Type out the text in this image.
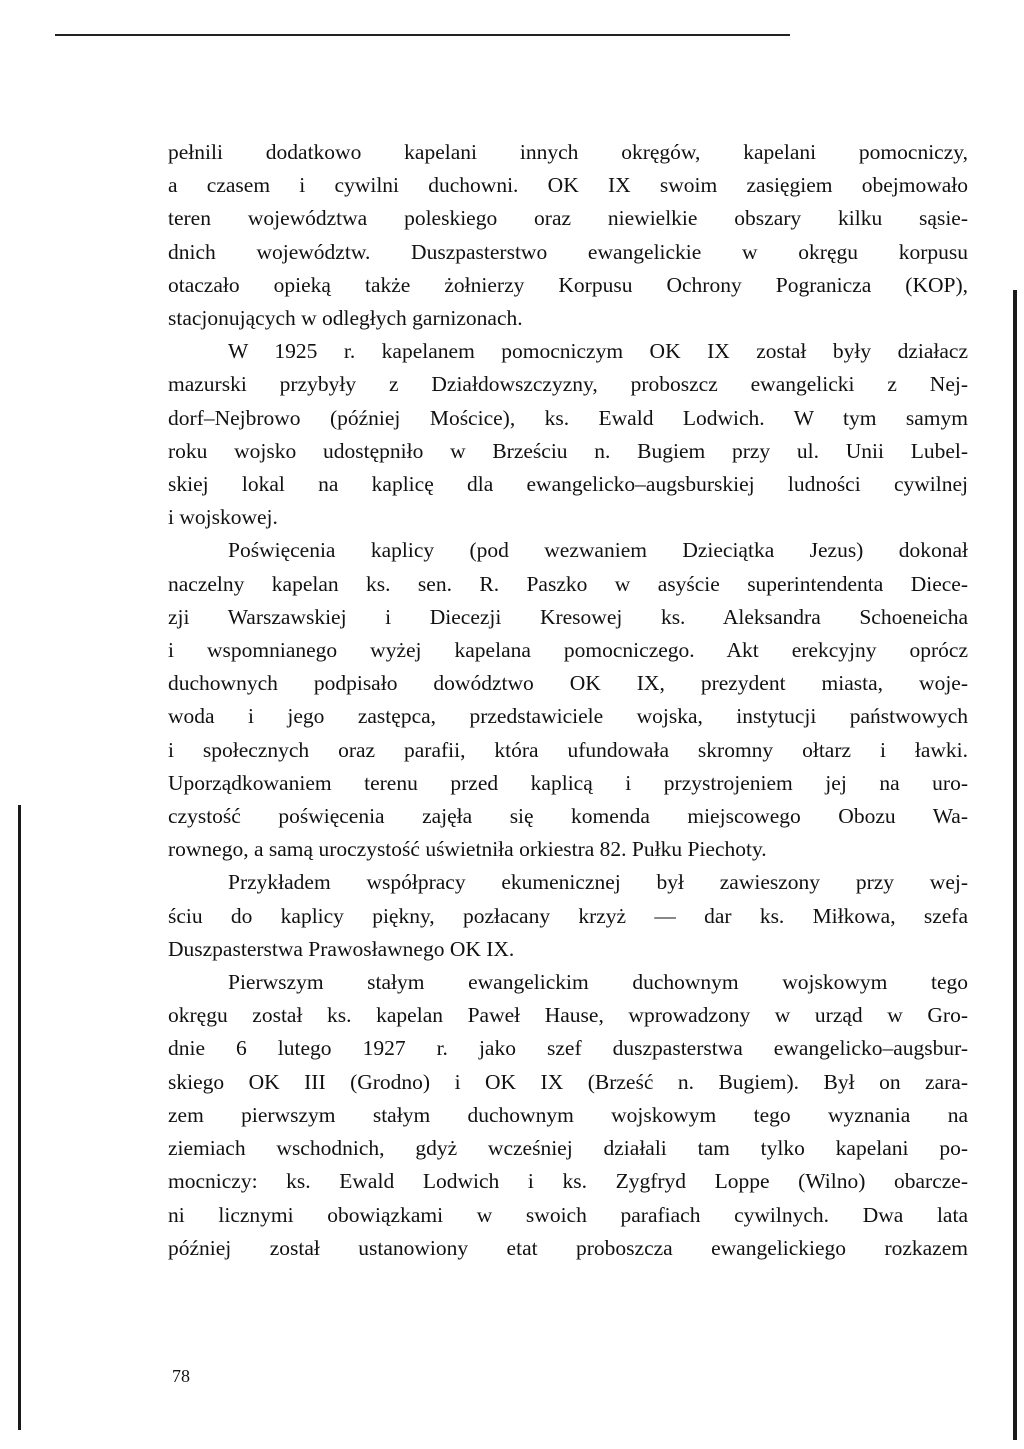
pełnili dodatkowo kapelani innych okręgów, kapelani pomocniczy,
a czasem i cywilni duchowni. OK IX swoim zasięgiem obejmowało
teren województwa poleskiego oraz niewielkie obszary kilku sąsie-
dnich województw. Duszpasterstwo ewangelickie w okręgu korpusu
otaczało opieką także żołnierzy Korpusu Ochrony Pogranicza (KOP),
stacjonujących w odległych garnizonach.
W 1925 r. kapelanem pomocniczym OK IX został były działacz
mazurski przybyły z Działdowszczyzny, proboszcz ewangelicki z Nej-
dorf–Nejbrowo (później Mościce), ks. Ewald Lodwich. W tym samym
roku wojsko udostępniło w Brześciu n. Bugiem przy ul. Unii Lubel-
skiej lokal na kaplicę dla ewangelicko–augsburskiej ludności cywilnej
i wojskowej.
Poświęcenia kaplicy (pod wezwaniem Dzieciątka Jezus) dokonał
naczelny kapelan ks. sen. R. Paszko w asyście superintendenta Diece-
zji Warszawskiej i Diecezji Kresowej ks. Aleksandra Schoeneicha
i wspomnianego wyżej kapelana pomocniczego. Akt erekcyjny oprócz
duchownych podpisało dowództwo OK IX, prezydent miasta, woje-
woda i jego zastępca, przedstawiciele wojska, instytucji państwowych
i społecznych oraz parafii, która ufundowała skromny ołtarz i ławki.
Uporządkowaniem terenu przed kaplicą i przystrojeniem jej na uro-
czystość poświęcenia zajęła się komenda miejscowego Obozu Wa-
rownego, a samą uroczystość uświetniła orkiestra 82. Pułku Piechoty.
Przykładem współpracy ekumenicznej był zawieszony przy wej-
ściu do kaplicy piękny, pozłacany krzyż — dar ks. Miłkowa, szefa
Duszpasterstwa Prawosławnego OK IX.
Pierwszym stałym ewangelickim duchownym wojskowym tego
okręgu został ks. kapelan Paweł Hause, wprowadzony w urząd w Gro-
dnie 6 lutego 1927 r. jako szef duszpasterstwa ewangelicko–augsbur-
skiego OK III (Grodno) i OK IX (Brześć n. Bugiem). Był on zara-
zem pierwszym stałym duchownym wojskowym tego wyznania na
ziemiach wschodnich, gdyż wcześniej działali tam tylko kapelani po-
mocniczy: ks. Ewald Lodwich i ks. Zygfryd Loppe (Wilno) obarcze-
ni licznymi obowiązkami w swoich parafiach cywilnych. Dwa lata
później został ustanowiony etat proboszcza ewangelickiego rozkazem
78
